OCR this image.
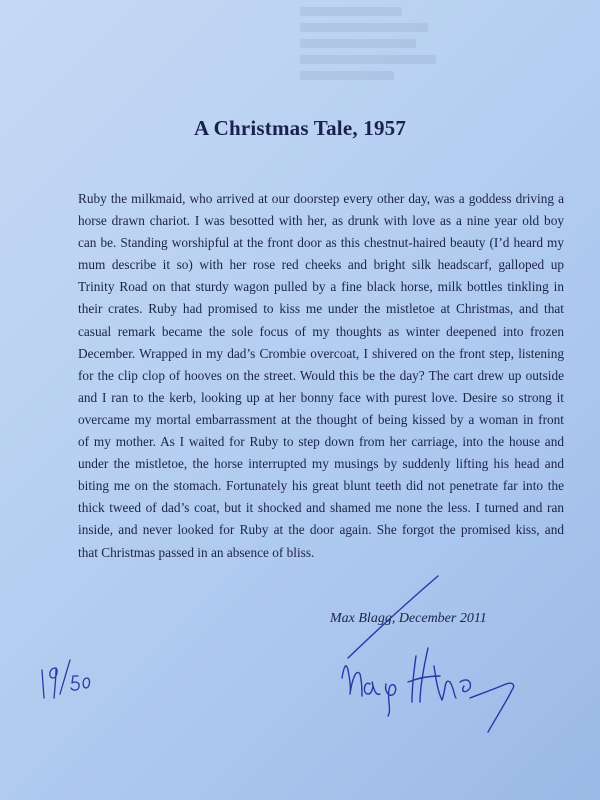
A Christmas Tale, 1957
Ruby the milkmaid, who arrived at our doorstep every other day, was a goddess driving a
horse drawn chariot. I was besotted with her, as drunk with love as a nine year old boy
can be. Standing worshipful at the front door as this chestnut-haired beauty (I’d heard my
mum describe it so) with her rose red cheeks and bright silk headscarf, galloped up
Trinity Road on that sturdy wagon pulled by a fine black horse, milk bottles tinkling in
their crates. Ruby had promised to kiss me under the mistletoe at Christmas, and that
casual remark became the sole focus of my thoughts as winter deepened into frozen
December. Wrapped in my dad’s Crombie overcoat, I shivered on the front step, listening
for the clip clop of hooves on the street. Would this be the day? The cart drew up outside
and I ran to the kerb, looking up at her bonny face with purest love. Desire so strong it
overcame my mortal embarrassment at the thought of being kissed by a woman in front
of my mother. As I waited for Ruby to step down from her carriage, into the house and
under the mistletoe, the horse interrupted my musings by suddenly lifting his head and
biting me on the stomach. Fortunately his great blunt teeth did not penetrate far into the
thick tweed of dad’s coat, but it shocked and shamed me none the less. I turned and ran
inside, and never looked for Ruby at the door again. She forgot the promised kiss, and
that Christmas passed in an absence of bliss.
Max Blagg, December 2011
